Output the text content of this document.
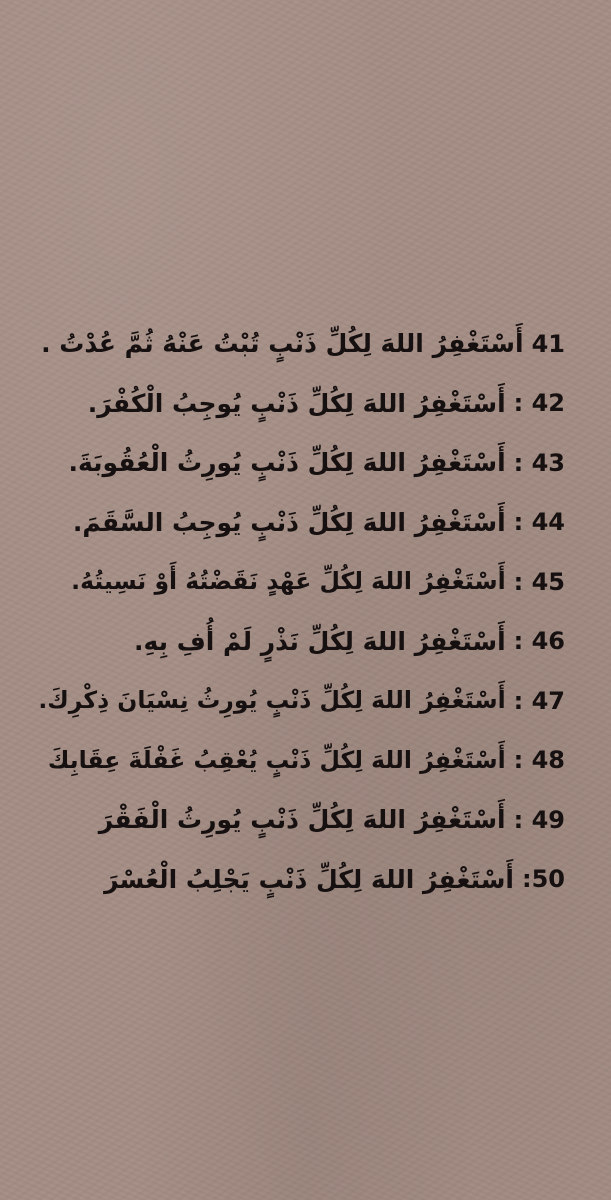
أَسْتَغْفِرُ اللهَ لِكُلِّ ذَنْبٍ تُبْتُ عَنْهُ ثُمَّ عُدْتُ . 41
أَسْتَغْفِرُ اللهَ لِكُلِّ ذَنْبٍ يُوجِبُ الْكُفْرَ. : 42
أَسْتَغْفِرُ اللهَ لِكُلِّ ذَنْبٍ يُورِثُ الْعُقُوبَةَ. : 43
أَسْتَغْفِرُ اللهَ لِكُلِّ ذَنْبٍ يُوجِبُ السَّقَمَ. : 44
أَسْتَغْفِرُ اللهَ لِكُلِّ عَهْدٍ نَقَضْتُهُ أَوْ نَسِيتُهُ. : 45
أَسْتَغْفِرُ اللهَ لِكُلِّ نَذْرٍ لَمْ أُفِ بِهِ. : 46
أَسْتَغْفِرُ اللهَ لِكُلِّ ذَنْبٍ يُورِثُ نِسْيَانَ ذِكْرِكَ. : 47
أَسْتَغْفِرُ اللهَ لِكُلِّ ذَنْبٍ يُعْقِبُ غَفْلَةَ عِقَابِكَ : 48
أَسْتَغْفِرُ اللهَ لِكُلِّ ذَنْبٍ يُورِثُ الْفَقْرَ : 49
أَسْتَغْفِرُ اللهَ لِكُلِّ ذَنْبٍ يَجْلِبُ الْعُسْرَ :50
